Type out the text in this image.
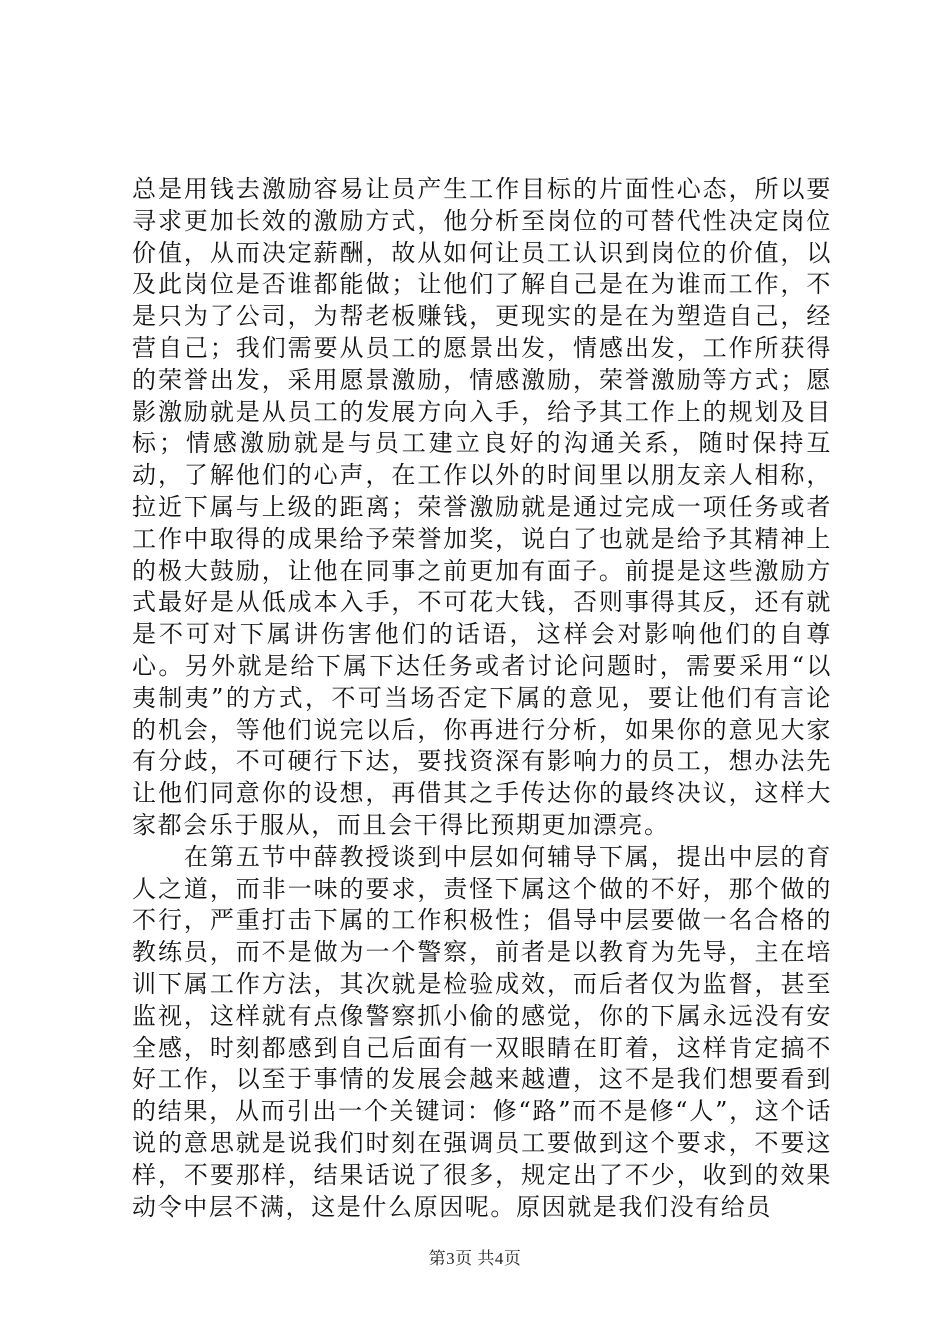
总是用钱去激励容易让员产生工作目标的片面性心态，所以要寻求更加长效的激励方式，他分析至岗位的可替代性决定岗位价值，从而决定薪酬，故从如何让员工认识到岗位的价值，以及此岗位是否谁都能做；让他们了解自己是在为谁而工作，不是只为了公司，为帮老板赚钱，更现实的是在为塑造自己，经营自己；我们需要从员工的愿景出发，情感出发，工作所获得的荣誉出发，采用愿景激励，情感激励，荣誉激励等方式；愿影激励就是从员工的发展方向入手，给予其工作上的规划及目标；情感激励就是与员工建立良好的沟通关系，随时保持互动，了解他们的心声，在工作以外的时间里以朋友亲人相称，拉近下属与上级的距离；荣誉激励就是通过完成一项任务或者工作中取得的成果给予荣誉加奖，说白了也就是给予其精神上的极大鼓励，让他在同事之前更加有面子。前提是这些激励方式最好是从低成本入手，不可花大钱，否则事得其反，还有就是不可对下属讲伤害他们的话语，这样会对影响他们的自尊心。另外就是给下属下达任务或者讨论问题时，需要采用“以夷制夷”的方式，不可当场否定下属的意见，要让他们有言论的机会，等他们说完以后，你再进行分析，如果你的意见大家有分歧，不可硬行下达，要找资深有影响力的员工，想办法先让他们同意你的设想，再借其之手传达你的最终决议，这样大家都会乐于服从，而且会干得比预期更加漂亮。

在第五节中薛教授谈到中层如何辅导下属，提出中层的育人之道，而非一味的要求，责怪下属这个做的不好，那个做的不行，严重打击下属的工作积极性；倡导中层要做一名合格的教练员，而不是做为一个警察，前者是以教育为先导，主在培训下属工作方法，其次就是检验成效，而后者仅为监督，甚至监视，这样就有点像警察抓小偷的感觉，你的下属永远没有安全感，时刻都感到自己后面有一双眼睛在盯着，这样肯定搞不好工作，以至于事情的发展会越来越遭，这不是我们想要看到的结果，从而引出一个关键词：修“路”而不是修“人”，这个话说的意思就是说我们时刻在强调员工要做到这个要求，不要这样，不要那样，结果话说了很多，规定出了不少，收到的效果动令中层不满，这是什么原因呢。原因就是我们没有给员

第3页 共4页
